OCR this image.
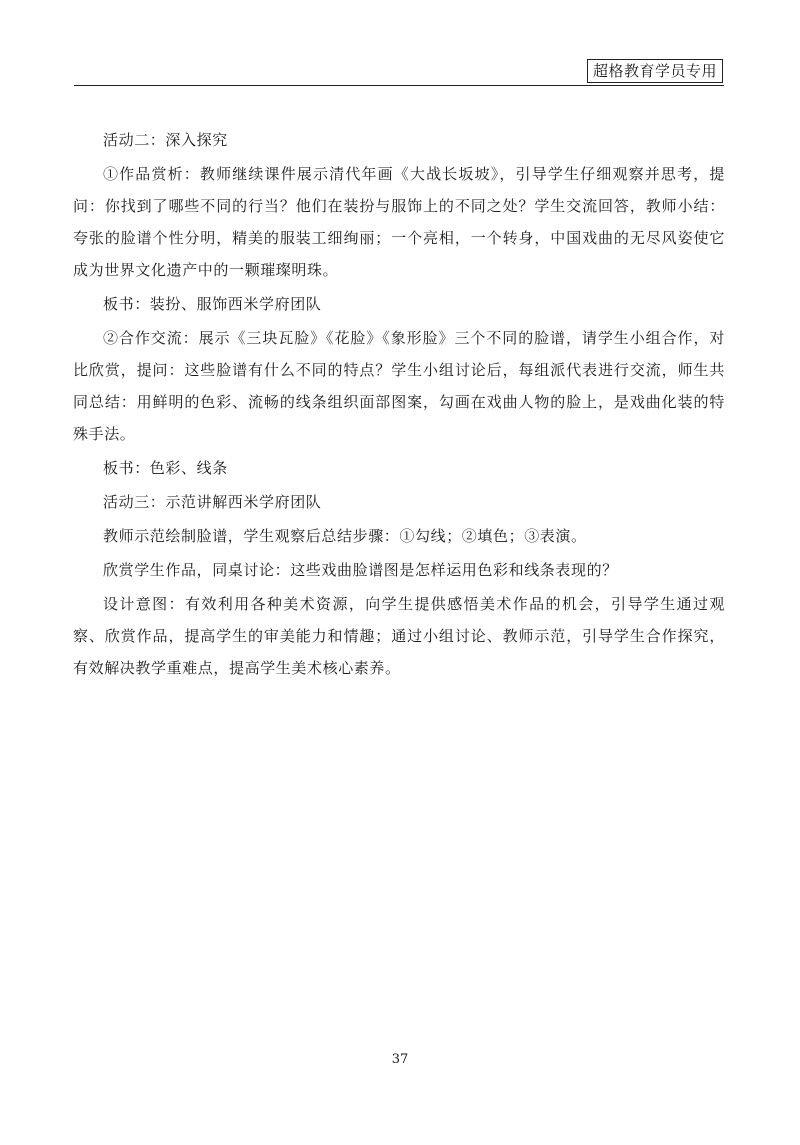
超格教育学员专用

活动二：深入探究

①作品赏析：教师继续课件展示清代年画《大战长坂坡》，引导学生仔细观察并思考，提问：你找到了哪些不同的行当？他们在装扮与服饰上的不同之处？学生交流回答，教师小结：夸张的脸谱个性分明，精美的服装工细绚丽；一个亮相，一个转身，中国戏曲的无尽风姿使它成为世界文化遗产中的一颗璀璨明珠。

板书：装扮、服饰西米学府团队

②合作交流：展示《三块瓦脸》《花脸》《象形脸》三个不同的脸谱，请学生小组合作，对比欣赏，提问：这些脸谱有什么不同的特点？学生小组讨论后，每组派代表进行交流，师生共同总结：用鲜明的色彩、流畅的线条组织面部图案，勾画在戏曲人物的脸上，是戏曲化装的特殊手法。

板书：色彩、线条

活动三：示范讲解西米学府团队

教师示范绘制脸谱，学生观察后总结步骤：①勾线；②填色；③表演。

欣赏学生作品，同桌讨论：这些戏曲脸谱图是怎样运用色彩和线条表现的？

设计意图：有效利用各种美术资源，向学生提供感悟美术作品的机会，引导学生通过观察、欣赏作品，提高学生的审美能力和情趣；通过小组讨论、教师示范，引导学生合作探究，有效解决教学重难点，提高学生美术核心素养。

37
